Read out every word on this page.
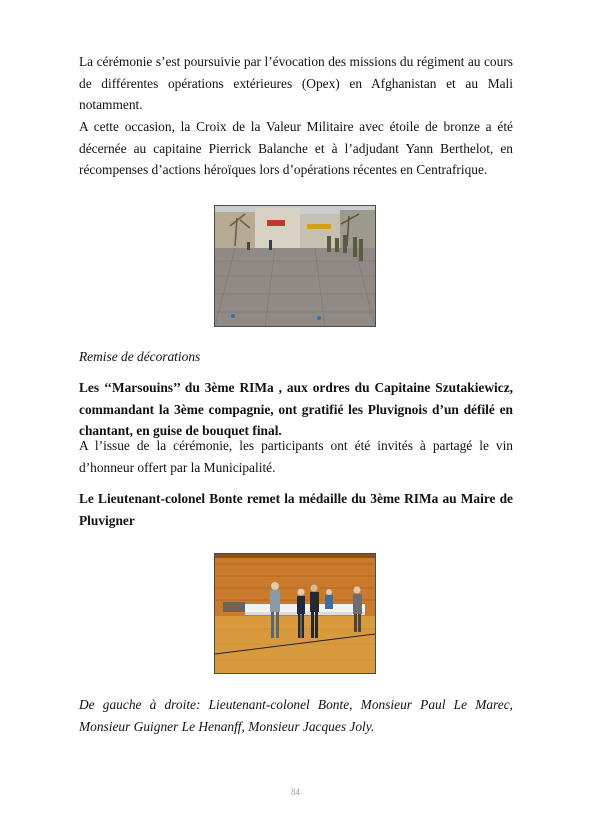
La cérémonie s’est poursuivie par l’évocation des missions du régiment au cours de différentes opérations extérieures (Opex) en Afghanistan et au Mali notamment.

A cette occasion, la Croix de la Valeur Militaire avec étoile de bronze a été décernée au capitaine Pierrick Balanche et à l’adjudant Yann Berthelot, en récompenses d’actions héroïques lors d’opérations récentes en Centrafrique.

Remise de décorations

Les ‘‘Marsouins’’ du 3ème RIMa , aux ordres du Capitaine Szutakiewicz, commandant la 3ème compagnie, ont gratifié les Pluvignois d’un défilé en chantant, en guise de bouquet final.

A l’issue de la cérémonie, les participants ont été invités à partagé le vin d’honneur offert par la Municipalité.

Le Lieutenant-colonel Bonte remet la médaille du 3ème RIMa au Maire de Pluvigner

De gauche à droite: Lieutenant-colonel Bonte, Monsieur Paul Le Marec, Monsieur Guigner Le Henanff, Monsieur Jacques Joly.

84
